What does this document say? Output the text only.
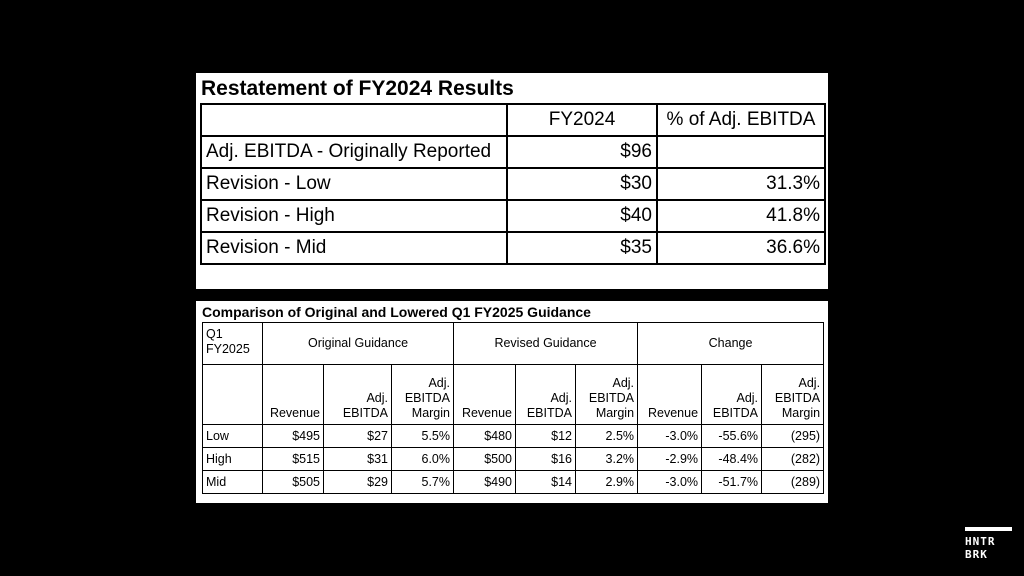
Restatement of FY2024 Results
	FY2024	% of Adj. EBITDA
Adj. EBITDA - Originally Reported	$96	
Revision - Low	$30	31.3%
Revision - High	$40	41.8%
Revision - Mid	$35	36.6%
Comparison of Original and Lowered Q1 FY2025 Guidance
Q1 FY2025	Original Guidance			Revised Guidance			Change		
	Revenue	Adj. EBITDA	Adj. EBITDA Margin	Revenue	Adj. EBITDA	Adj. EBITDA Margin	Revenue	Adj. EBITDA	Adj. EBITDA Margin
Low	$495	$27	5.5%	$480	$12	2.5%	-3.0%	-55.6%	(295)
High	$515	$31	6.0%	$500	$16	3.2%	-2.9%	-48.4%	(282)
Mid	$505	$29	5.7%	$490	$14	2.9%	-3.0%	-51.7%	(289)
HNTR
BRK
